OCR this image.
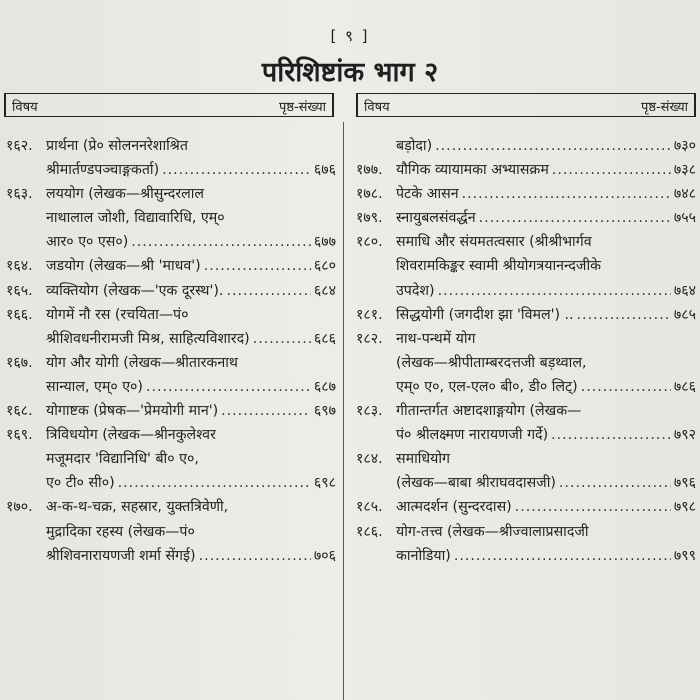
[ ९ ]
परिशिष्टांक भाग २
विषय	पृष्ठ-संख्या	विषय	पृष्ठ-संख्या
१६२. प्रार्थना (प्रे० सोलननरेशाश्रित
श्रीमार्तण्डपञ्चाङ्गकर्ता) .....	६७६
१६३. लययोग (लेखक—श्रीसुन्दरलाल
नाथालाल जोशी, विद्यावारिधि, एम्०
आर० ए० एस०) .....	६७७
१६४. जडयोग (लेखक—श्री 'माधव') .....	६८०
१६५. व्यक्तियोग (लेखक—'एक दूरस्थ'). .....	६८४
१६६. योगमें नौ रस (रचयिता—पं०
श्रीशिवधनीरामजी मिश्र, साहित्यविशारद) .....	६८६
१६७. योग और योगी (लेखक—श्रीतारकनाथ
सान्याल, एम्० ए०) .....	६८७
१६८. योगाष्टक (प्रेषक—'प्रेमयोगी मान') .....	६९७
१६९. त्रिविधयोग (लेखक—श्रीनकुलेश्वर
मजूमदार 'विद्यानिधि' बी० ए०,
ए० टी० सी०) .....	६९८
१७०. अ-क-थ-चक्र, सहस्रार, युक्तत्रिवेणी,
मुद्रादिका रहस्य (लेखक—पं०
श्रीशिवनारायणजी शर्मा सेंगई) .....	७०६
बड़ोदा) .....	७३०
१७७. यौगिक व्यायामका अभ्यासक्रम .....	७३८
१७८. पेटके आसन .....	७४८
१७९. स्नायुबलसंवर्द्धन .....	७५५
१८०. समाधि और संयमतत्वसार (श्रीश्रीभार्गव
शिवरामकिङ्कर स्वामी श्रीयोगत्रयानन्दजीके
उपदेश) .....	७६४
१८१. सिद्धयोगी (जगदीश झा 'विमल') .. .....	७८५
१८२. नाथ-पन्थमें योग
(लेखक—श्रीपीताम्बरदत्तजी बड़थ्वाल,
एम्० ए०, एल-एल० बी०, डी० लिट्) .....	७८६
१८३. गीतान्तर्गत अष्टादशाङ्गयोग (लेखक—
पं० श्रीलक्ष्मण नारायणजी गर्दे) .....	७९२
१८४. समाधियोग
(लेखक—बाबा श्रीराघवदासजी) .....	७९६
१८५. आत्मदर्शन (सुन्दरदास) .....	७९८
१८६. योग-तत्त्व (लेखक—श्रीज्वालाप्रसादजी
कानोडिया) .....	७९९
